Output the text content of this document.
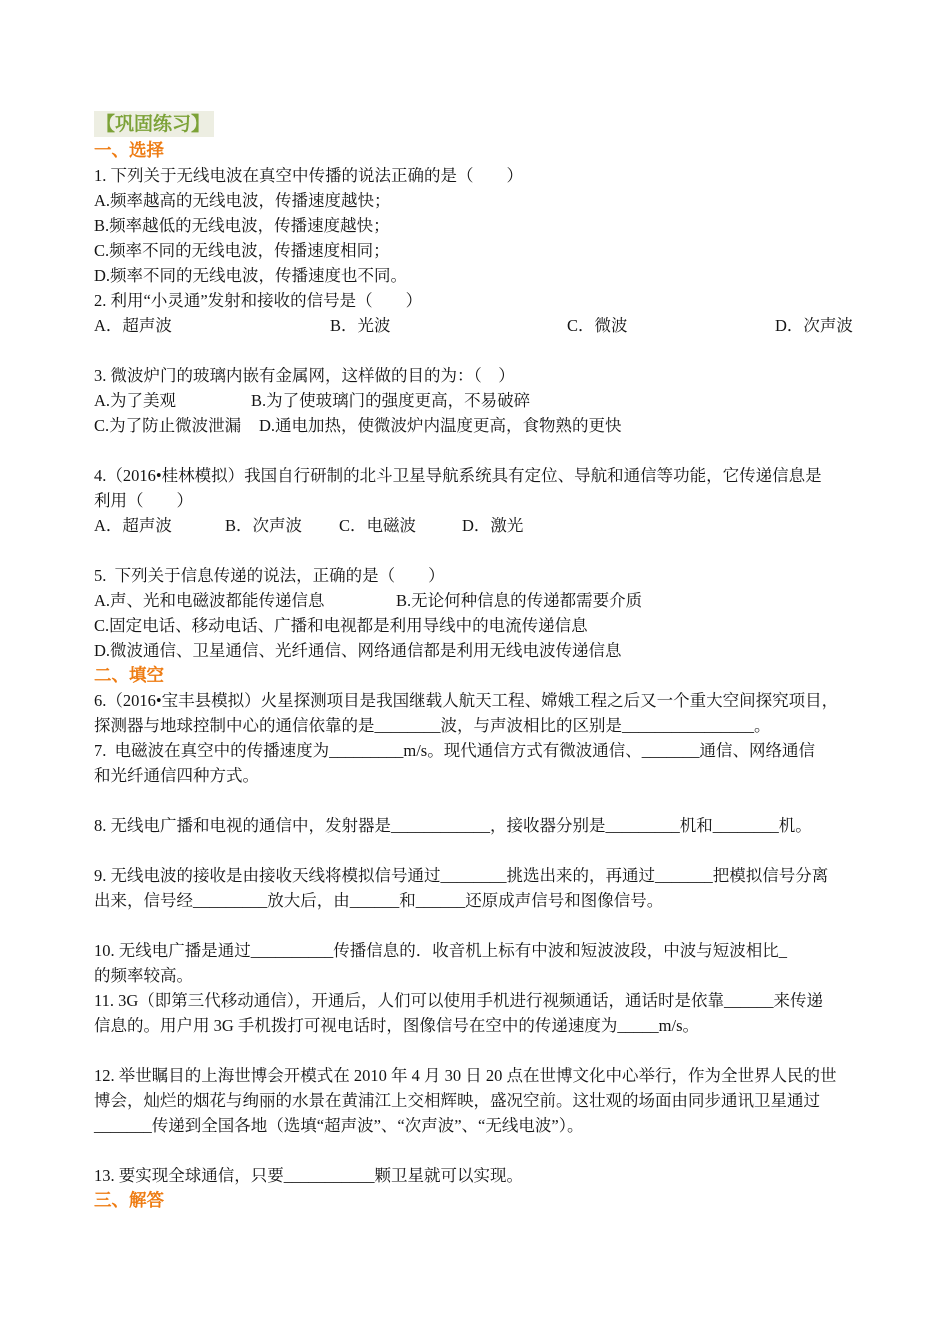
【巩固练习】

一、选择

1. 下列关于无线电波在真空中传播的说法正确的是（　　）

A.频率越高的无线电波，传播速度越快；

B.频率越低的无线电波，传播速度越快；

C.频率不同的无线电波，传播速度相同；

D.频率不同的无线电波，传播速度也不同。

2. 利用“小灵通”发射和接收的信号是（　　）

A．超声波	B．光波	C．微波	D．次声波

3. 微波炉门的玻璃内嵌有金属网，这样做的目的为：（　）

A.为了美观	B.为了使玻璃门的强度更高，不易破碎

C.为了防止微波泄漏 D.通电加热，使微波炉内温度更高，食物熟的更快

4.（2016•桂林模拟）我国自行研制的北斗卫星导航系统具有定位、导航和通信等功能，它传递信息是

利用（　　）

A．超声波	B．次声波 C．电磁波	D．激光

5.  下列关于信息传递的说法，正确的是（　　）

A.声、光和电磁波都能传递信息	B.无论何种信息的传递都需要介质

C.固定电话、移动电话、广播和电视都是利用导线中的电流传递信息

D.微波通信、卫星通信、光纤通信、网络通信都是利用无线电波传递信息

二、填空

6.（2016•宝丰县模拟）火星探测项目是我国继载人航天工程、嫦娥工程之后又一个重大空间探究项目，

探测器与地球控制中心的通信依靠的是________波，与声波相比的区别是________________。

7.  电磁波在真空中的传播速度为_________m/s。现代通信方式有微波通信、_______通信、网络通信

和光纤通信四种方式。

8. 无线电广播和电视的通信中，发射器是____________，接收器分别是_________机和________机。

9. 无线电波的接收是由接收天线将模拟信号通过________挑选出来的，再通过_______把模拟信号分离

出来，信号经_________放大后，由______和______还原成声信号和图像信号。

10. 无线电广播是通过__________传播信息的．收音机上标有中波和短波波段，中波与短波相比_

的频率较高。

11. 3G（即第三代移动通信），开通后，人们可以使用手机进行视频通话，通话时是依靠______来传递

信息的。用户用 3G 手机拨打可视电话时，图像信号在空中的传递速度为_____m/s。

12. 举世瞩目的上海世博会开模式在 2010 年 4 月 30 日 20 点在世博文化中心举行，作为全世界人民的世

博会，灿烂的烟花与绚丽的水景在黄浦江上交相辉映，盛况空前。这壮观的场面由同步通讯卫星通过

_______传递到全国各地（选填“超声波”、“次声波”、“无线电波”）。

13. 要实现全球通信，只要___________颗卫星就可以实现。

三、解答
